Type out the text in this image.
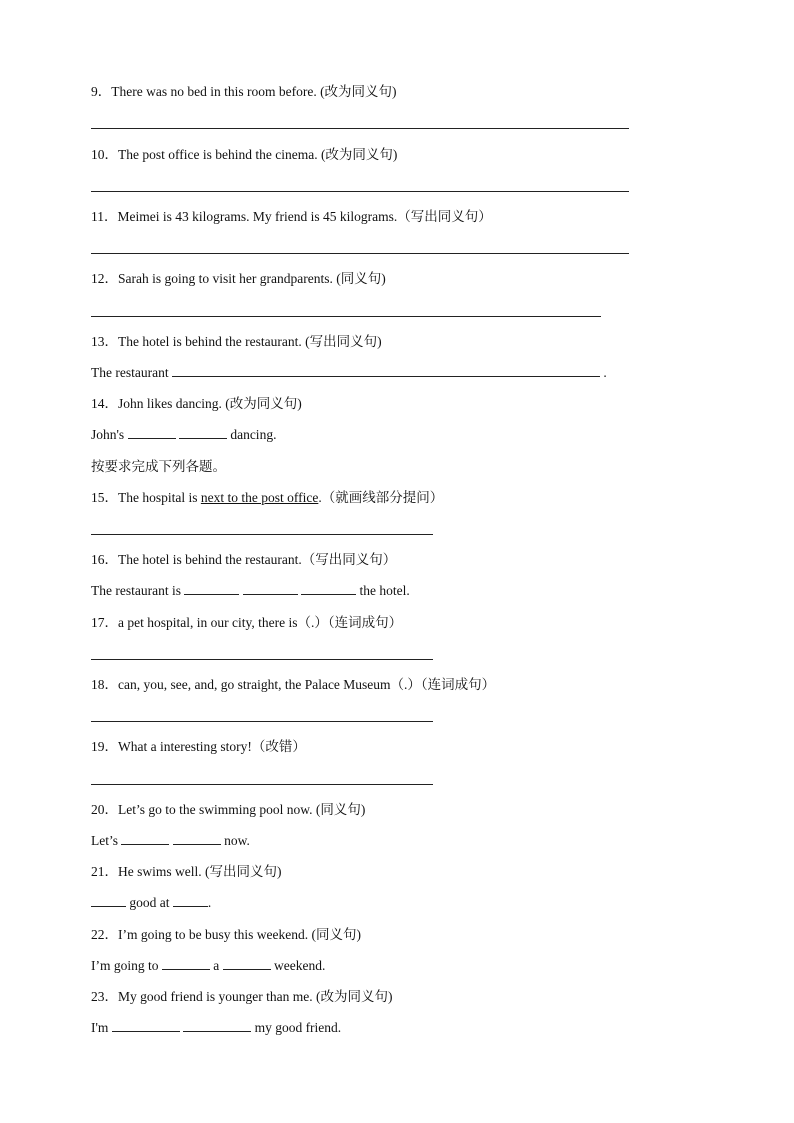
9．There was no bed in this room before. (改为同义句)
10．The post office is behind the cinema. (改为同义句)
11．Meimei is 43 kilograms. My friend is 45 kilograms.（写出同义句）
12．Sarah is going to visit her grandparents. (同义句)
13．The hotel is behind the restaurant. (写出同义句)
The restaurant	.
14．John likes dancing. (改为同义句)
John's	dancing.
按要求完成下列各题。
15．The hospital is next to the post office.（就画线部分提问）
16．The hotel is behind the restaurant.（写出同义句）
The restaurant is	the hotel.
17．a pet hospital, in our city, there is（.）（连词成句）
18．can, you, see, and, go straight, the Palace Museum（.）（连词成句）
19．What a interesting story!（改错）
20．Let’s go to the swimming pool now. (同义句)
Let’s	now.
21．He swims well. (写出同义句)
good at	.
22．I’m going to be busy this weekend. (同义句)
I’m going to	a	weekend.
23．My good friend is younger than me. (改为同义句)
I'm	my good friend.
